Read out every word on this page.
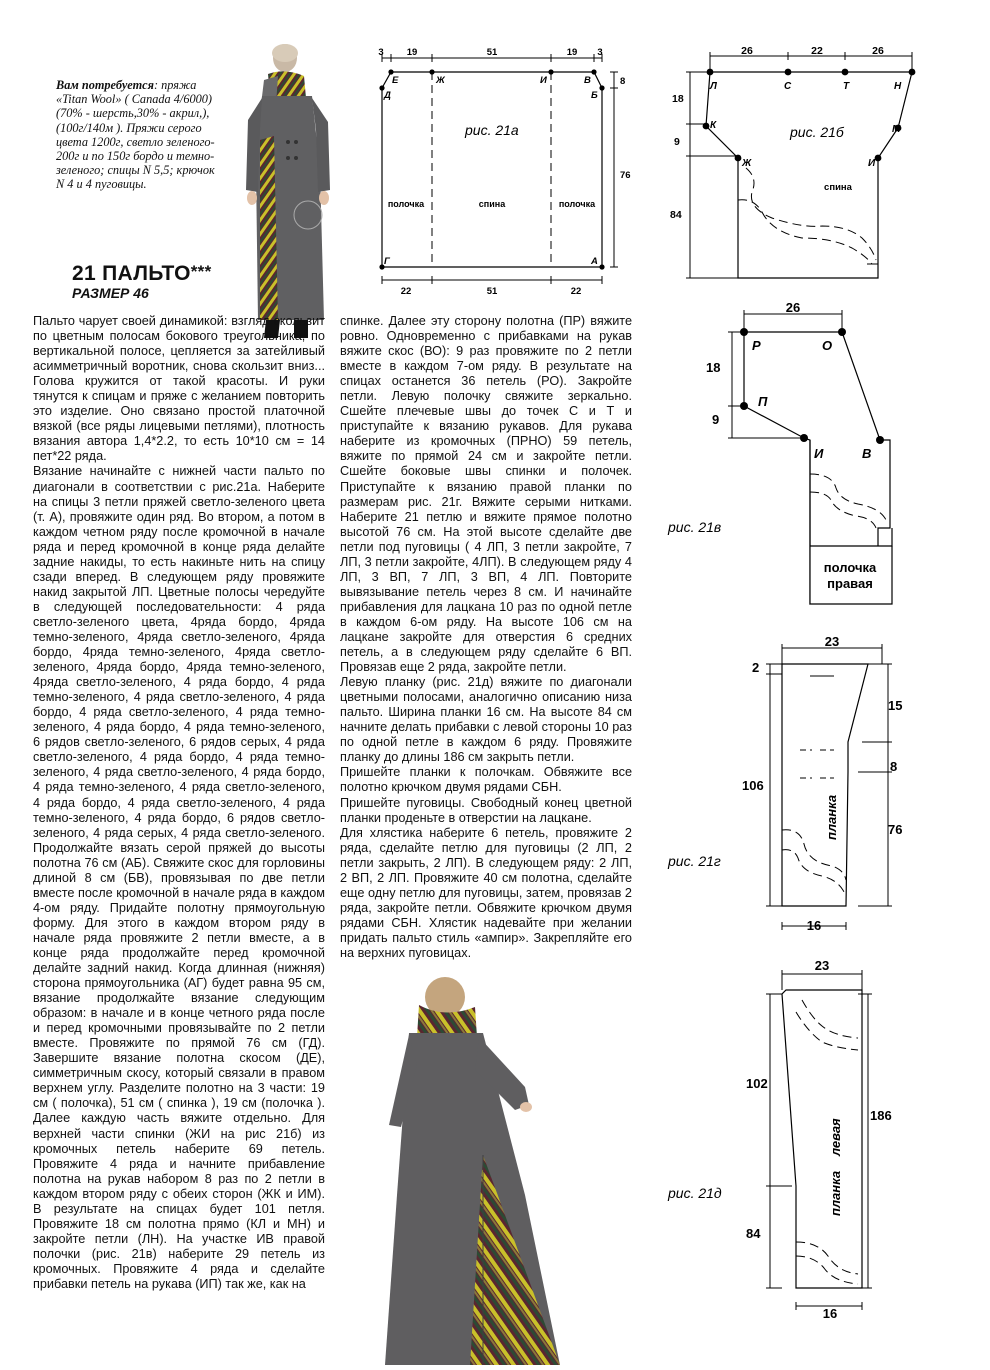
Вам потребуется: пряжа «Titan Wool» ( Canada 4/6000) (70% - шерсть,30% - акрил,),(100г/140м ). Пряжи серого цвета 1200г, светло зеленого- 200г и по 150г бордо и темно-зеленого; спицы N 5,5; крючок N 4 и 4 пуговицы.

21 ПАЛЬТО***
РАЗМЕР 46

Пальто чарует своей динамикой: взгляд скользит по цветным полосам бокового треугольника, по вертикальной полосе, цепляется за затейливый асимметричный воротник, снова скользит вниз... Голова кружится от такой красоты. И руки тянутся к спицам и пряже с желанием повторить это изделие. Оно связано простой платочной вязкой (все ряды лицевыми петлями), плотность вязания автора 1,4*2.2, то есть 10*10 см = 14 пет*22 ряда.

Вязание начинайте с нижней части пальто по диагонали в соответствии с рис.21а. Наберите на спицы 3 петли пряжей светло-зеленого цвета (т. А), провяжите один ряд. Во втором, а потом в каждом четном ряду после кромочной в начале ряда и перед кромочной в конце ряда делайте задние накиды, то есть накиньте нить на спицу сзади вперед. В следующем ряду провяжите накид закрытой ЛП. Цветные полосы чередуйте в следующей последовательности: 4 ряда светло-зеленого цвета, 4ряда бордо, 4ряда темно-зеленого, 4ряда светло-зеленого, 4ряда бордо, 4ряда темно-зеленого, 4ряда светло-зеленого, 4ряда бордо, 4ряда темно-зеленого, 4ряда светло-зеленого, 4 ряда бордо, 4 ряда темно-зеленого, 4 ряда светло-зеленого, 4 ряда бордо, 4 ряда светло-зеленого, 4 ряда темно-зеленого, 4 ряда бордо, 4 ряда темно-зеленого, 6 рядов светло-зеленого, 6 рядов серых, 4 ряда светло-зеленого, 4 ряда бордо, 4 ряда темно-зеленого, 4 ряда светло-зеленого, 4 ряда бордо, 4 ряда темно-зеленого, 4 ряда светло-зеленого, 4 ряда бордо, 4 ряда светло-зеленого, 4 ряда темно-зеленого, 4 ряда бордо, 6 рядов светло-зеленого, 4 ряда серых, 4 ряда светло-зеленого. Продолжайте вязать серой пряжей до высоты полотна 76 см (АБ). Свяжите скос для горловины длиной 8 см (БВ), провязывая по две петли вместе после кромочной в начале ряда в каждом 4-ом ряду. Придайте полотну прямоугольную форму. Для этого в каждом втором ряду в начале ряда провяжите 2 петли вместе, а в конце ряда продолжайте перед кромочной делайте задний накид. Когда длинная (нижняя) сторона прямоугольника (АГ) будет равна 95 см, вязание продолжайте вязание следующим образом: в начале и в конце четного ряда после и перед кромочными провязывайте по 2 петли вместе. Провяжите по прямой 76 см (ГД). Завершите вязание полотна скосом (ДЕ), симметричным скосу, который связали в правом верхнем углу. Разделите полотно на 3 части: 19 см ( полочка), 51 см ( спинка ), 19 см (полочка ). Далее каждую часть вяжите отдельно. Для верхней части спинки (ЖИ на рис 21б) из кромочных петель наберите 69 петель. Провяжите 4 ряда и начните прибавление полотна на рукав набором 8 раз по 2 петли в каждом втором ряду с обеих сторон (ЖК и ИМ). В результате на спицах будет 101 петля. Провяжите 18 см полотна прямо (КЛ и МН) и закройте петли (ЛН). На участке ИВ правой полочки (рис. 21в) наберите 29 петель из кромочных. Провяжите 4 ряда и сделайте прибавки петель на рукава (ИП) так же, как на

спинке. Далее эту сторону полотна (ПР) вяжите ровно. Одновременно с прибавками на рукав вяжите скос (ВО): 9 раз провяжите по 2 петли вместе в каждом 7-ом ряду. В результате на спицах останется 36 петель (РО). Закройте петли. Левую полочку свяжите зеркально. Сшейте плечевые швы до точек С и Т и приступайте к вязанию рукавов. Для рукава наберите из кромочных (ПРНО) 59 петель, вяжите по прямой 24 см и закройте петли. Сшейте боковые швы спинки и полочек. Приступайте к вязанию правой планки по размерам рис. 21г. Вяжите серыми нитками. Наберите 21 петлю и вяжите прямое полотно высотой 76 см. На этой высоте сделайте две петли под пуговицы ( 4 ЛП, 3 петли закройте, 7 ЛП, 3 петли закройте, 4ЛП). В следующем ряду 4 ЛП, 3 ВП, 7 ЛП, 3 ВП, 4 ЛП. Повторите вывязывание петель через 8 см. И начинайте прибавления для лацкана 10 раз по одной петле в каждом 6-ом ряду. На высоте 106 см на лацкане закройте для отверстия 6 средних петель, а в следующем ряду сделайте 6 ВП. Провязав еще 2 ряда, закройте петли.

Левую планку (рис. 21д) вяжите по диагонали цветными полосами, аналогично описанию низа пальто. Ширина планки 16 см. На высоте 84 см начните делать прибавки с левой стороны 10 раз по одной петле в каждом 6 ряду. Провяжите планку до длины 186 см закрыть петли.

Пришейте планки к полочкам. Обвяжите все полотно крючком двумя рядами СБН.

Пришейте пуговицы. Свободный конец цветной планки проденьте в отверстии на лацкане.

Для хлястика наберите 6 петель, провяжите 2 ряда, сделайте петлю для пуговицы (2 ЛП, 2 петли закрыть, 2 ЛП). В следующем ряду: 2 ЛП, 2 ВП, 2 ЛП. Провяжите 40 см полотна, сделайте еще одну петлю для пуговицы, затем, провязав 2 ряда, закройте петли. Обвяжите крючком двумя рядами СБН. Хлястик надевайте при желании придать пальто стиль «ампир». Закрепляйте его на верхних пуговицах.

3 19	51	19 3
8
76
22	51	22
Е
Д
Ж	И	В
Б
Г	А
полочка	спина	полочка
рис. 21а
26	22	26
18
9
84
Л	С	Т	Н
К	М
Ж	И
спина
рис. 21б
26
18
9
Р	О
П
И	В
полочка
правая
рис. 21в
23
2
106
15
8
76
16
планка
рис. 21г
23
102
84
186
16
левая
планка
рис. 21д
